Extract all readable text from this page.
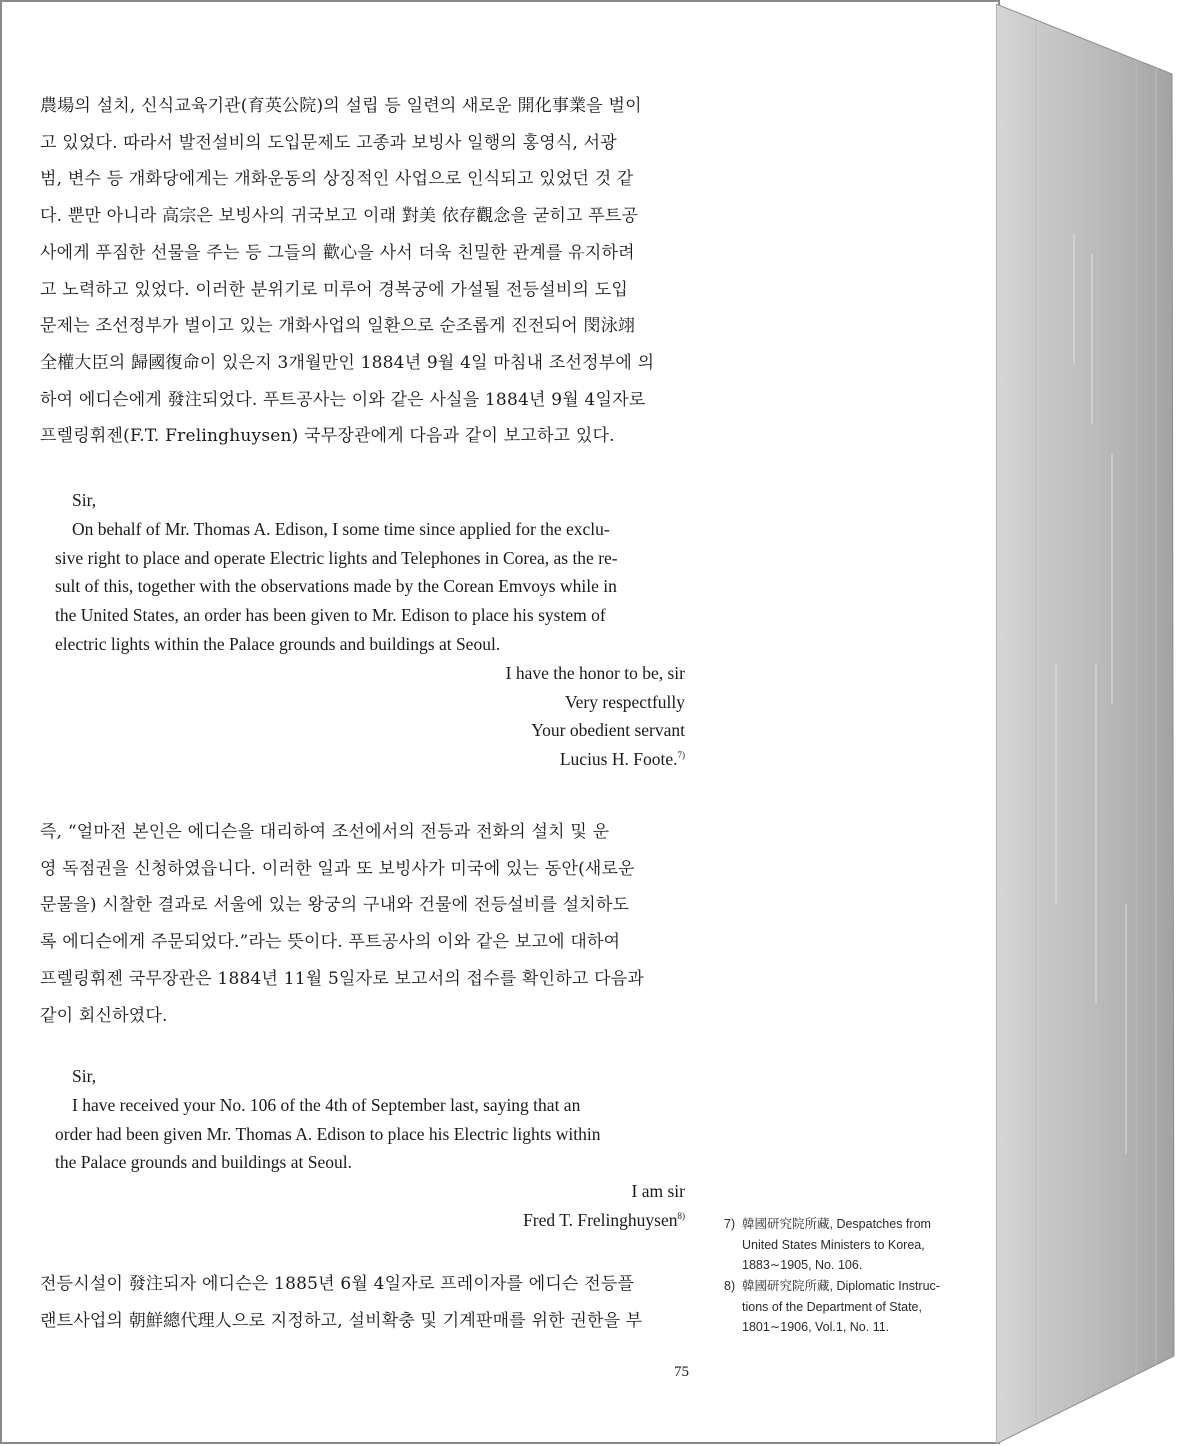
農場의 설치, 신식교육기관(育英公院)의 설립 등 일련의 새로운 開化事業을 벌이
고 있었다. 따라서 발전설비의 도입문제도 고종과 보빙사 일행의 홍영식, 서광
범, 변수 등 개화당에게는 개화운동의 상징적인 사업으로 인식되고 있었던 것 같
다. 뿐만 아니라 高宗은 보빙사의 귀국보고 이래 對美 依存觀念을 굳히고 푸트공
사에게 푸짐한 선물을 주는 등 그들의 歡心을 사서 더욱 친밀한 관계를 유지하려
고 노력하고 있었다. 이러한 분위기로 미루어 경복궁에 가설될 전등설비의 도입
문제는 조선정부가 벌이고 있는 개화사업의 일환으로 순조롭게 진전되어 閔泳翊
全權大臣의 歸國復命이 있은지 3개월만인 1884년 9월 4일 마침내 조선정부에 의
하여 에디슨에게 發注되었다. 푸트공사는 이와 같은 사실을 1884년 9월 4일자로
프렐링휘젠(F.T. Frelinghuysen) 국무장관에게 다음과 같이 보고하고 있다.

Sir,

On behalf of Mr. Thomas A. Edison, I some time since applied for the exclu-

sive right to place and operate Electric lights and Telephones in Corea, as the re-

sult of this, together with the observations made by the Corean Emvoys while in

the United States, an order has been given to Mr. Edison to place his system of

electric lights within the Palace grounds and buildings at Seoul.

I have the honor to be, sir

Very respectfully

Your obedient servant

Lucius H. Foote.$^{7)}$

즉, “얼마전 본인은 에디슨을 대리하여 조선에서의 전등과 전화의 설치 및 운
영 독점권을 신청하였읍니다. 이러한 일과 또 보빙사가 미국에 있는 동안(새로운
문물을) 시찰한 결과로 서울에 있는 왕궁의 구내와 건물에 전등설비를 설치하도
록 에디슨에게 주문되었다.”라는 뜻이다. 푸트공사의 이와 같은 보고에 대하여
프렐링휘젠 국무장관은 1884년 11월 5일자로 보고서의 접수를 확인하고 다음과
같이 회신하였다.

Sir,

I have received your No. 106 of the 4th of September last, saying that an

order had been given Mr. Thomas A. Edison to place his Electric lights within

the Palace grounds and buildings at Seoul.

I am sir

Fred T. Frelinghuysen$^{8)}$

전등시설이 發注되자 에디슨은 1885년 6월 4일자로 프레이자를 에디슨 전등플
랜트사업의 朝鮮總代理人으로 지정하고, 설비확충 및 기계판매를 위한 권한을 부

7) 韓國研究院所藏, Despatches from
United States Ministers to Korea,
1883∼1905, No. 106.
8) 韓國研究院所藏, Diplomatic Instruc-
tions of the Department of State,
1801∼1906, Vol.1, No. 11.
75
